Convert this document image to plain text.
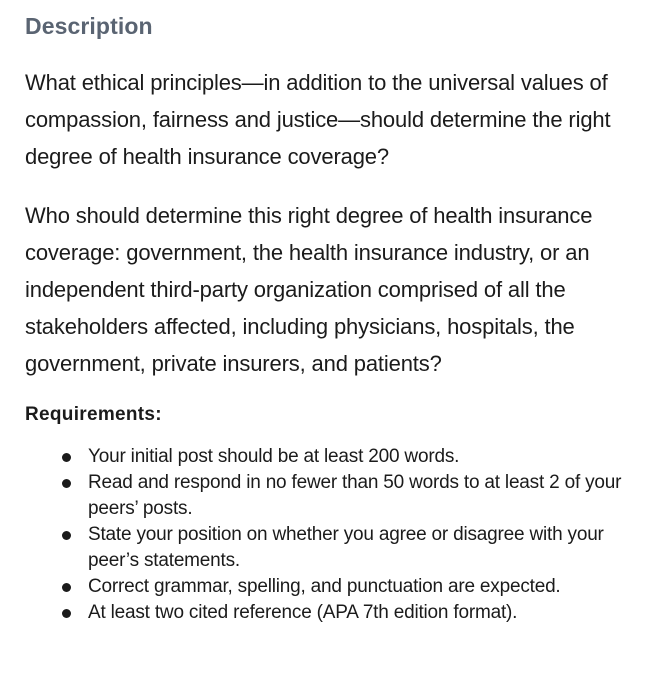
Description

What ethical principles—in addition to the universal values of compassion, fairness and justice—should determine the right degree of health insurance coverage?

Who should determine this right degree of health insurance coverage: government, the health insurance industry, or an independent third-party organization comprised of all the stakeholders affected, including physicians, hospitals, the government, private insurers, and patients?

Requirements:
Your initial post should be at least 200 words.
Read and respond in no fewer than 50 words to at least 2 of your peers’ posts.
State your position on whether you agree or disagree with your peer’s statements.
Correct grammar, spelling, and punctuation are expected.
At least two cited reference (APA 7th edition format).
